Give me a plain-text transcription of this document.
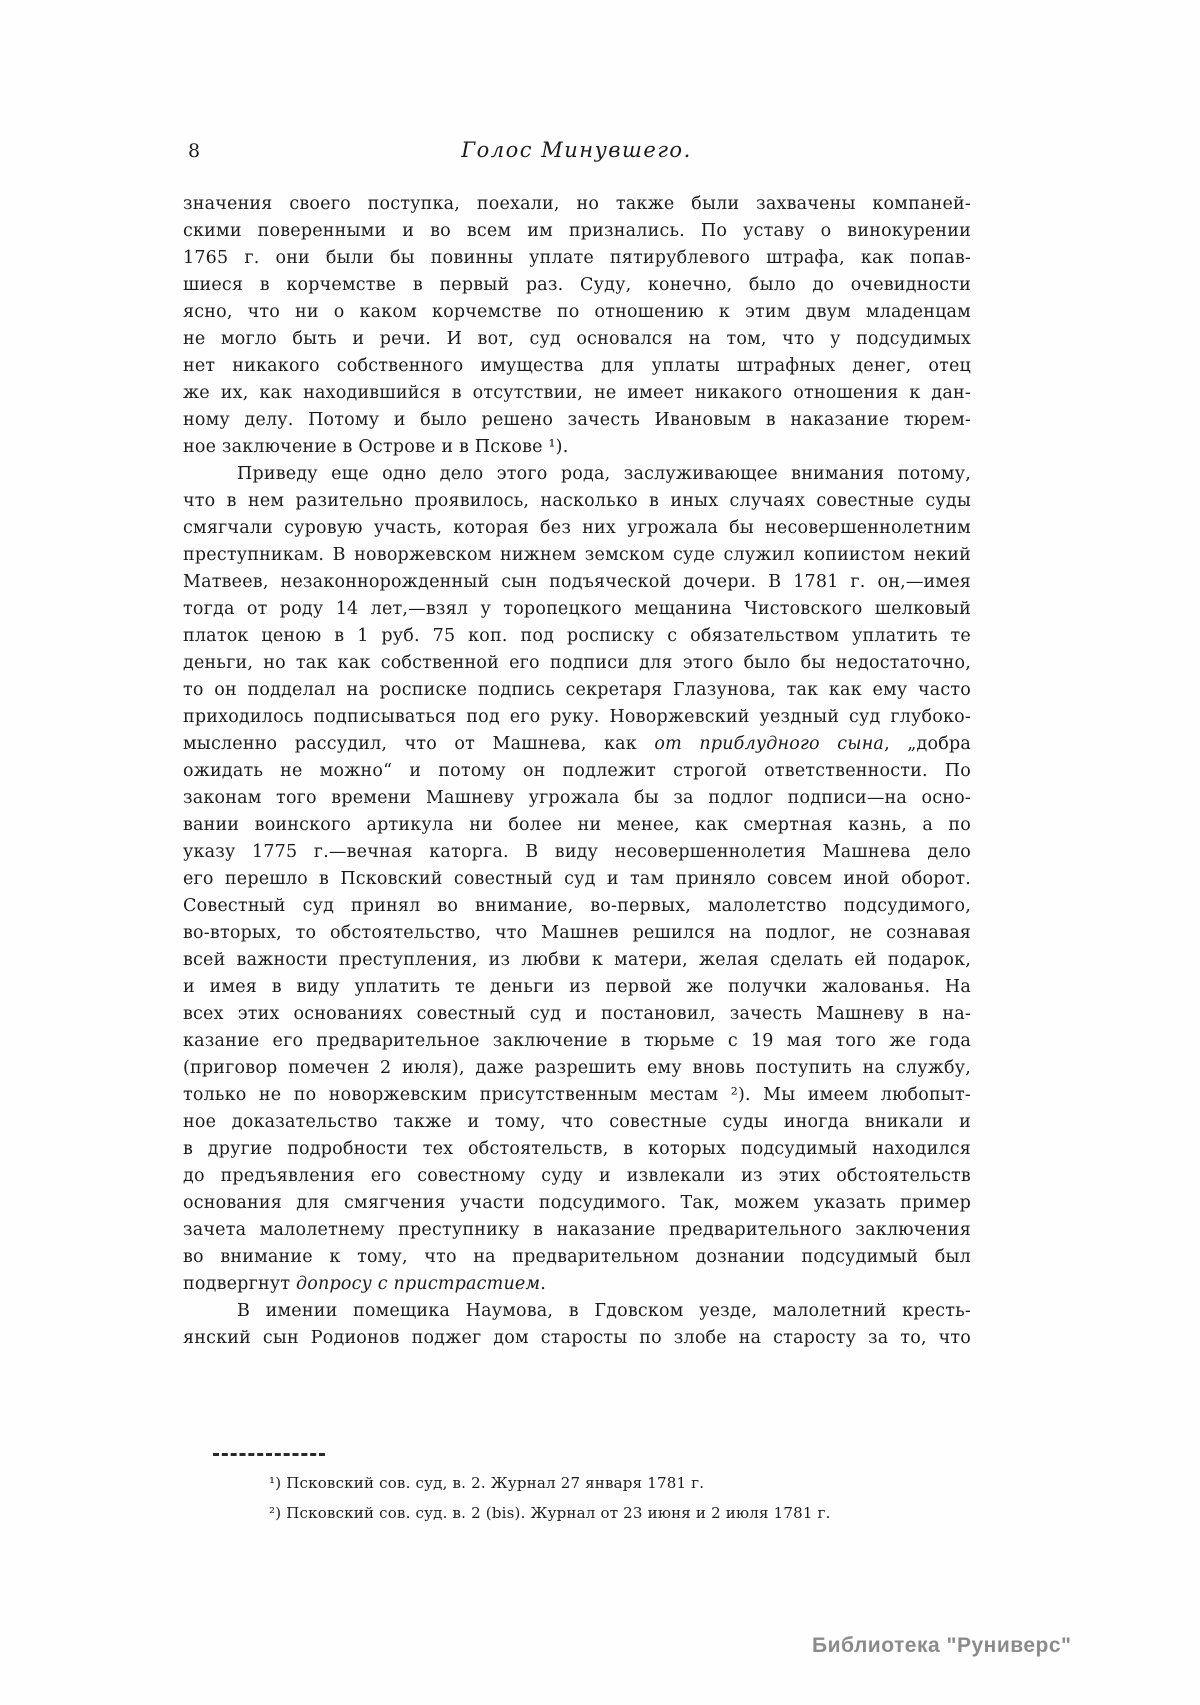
8	Голос Минувшего.
значения своего поступка, поехали, но также были захвачены компаней-
скими поверенными и во всем им признались. По уставу о винокурении
1765 г. они были бы повинны уплате пятирублевого штрафа, как попав-
шиеся в корчемстве в первый раз. Суду, конечно, было до очевидности
ясно, что ни о каком корчемстве по отношению к этим двум младенцам
не могло быть и речи. И вот, суд основался на том, что у подсудимых
нет никакого собственного имущества для уплаты штрафных денег, отец
же их, как находившийся в отсутствии, не имеет никакого отношения к дан-
ному делу. Потому и было решено зачесть Ивановым в наказание тюрем-
ное заключение в Острове и в Пскове ¹).
Приведу еще одно дело этого рода, заслуживающее внимания потому,
что в нем разительно проявилось, насколько в иных случаях совестные суды
смягчали суровую участь, которая без них угрожала бы несовершеннолетним
преступникам. В новоржевском нижнем земском суде служил копиистом некий
Матвеев, незаконнорожденный сын подъяческой дочери. В 1781 г. он,—имея
тогда от роду 14 лет,—взял у торопецкого мещанина Чистовского шелковый
платок ценою в 1 руб. 75 коп. под росписку с обязательством уплатить те
деньги, но так как собственной его подписи для этого было бы недостаточно,
то он подделал на росписке подпись секретаря Глазунова, так как ему часто
приходилось подписываться под его руку. Новоржевский уездный суд глубоко-
мысленно рассудил, что от Машнева, как от приблудного сына, „добра
ожидать не можно“ и потому он подлежит строгой ответственности. По
законам того времени Машневу угрожала бы за подлог подписи—на осно-
вании воинского артикула ни более ни менее, как смертная казнь, а по
указу 1775 г.—вечная каторга. В виду несовершеннолетия Машнева дело
его перешло в Псковский совестный суд и там приняло совсем иной оборот.
Совестный суд принял во внимание, во-первых, малолетство подсудимого,
во-вторых, то обстоятельство, что Машнев решился на подлог, не сознавая
всей важности преступления, из любви к матери, желая сделать ей подарок,
и имея в виду уплатить те деньги из первой же получки жалованья. На
всех этих основаниях совестный суд и постановил, зачесть Машневу в на-
казание его предварительное заключение в тюрьме с 19 мая того же года
(приговор помечен 2 июля), даже разрешить ему вновь поступить на службу,
только не по новоржевским присутственным местам ²). Мы имеем любопыт-
ное доказательство также и тому, что совестные суды иногда вникали и
в другие подробности тех обстоятельств, в которых подсудимый находился
до предъявления его совестному суду и извлекали из этих обстоятельств
основания для смягчения участи подсудимого. Так, можем указать пример
зачета малолетнему преступнику в наказание предварительного заключения
во внимание к тому, что на предварительном дознании подсудимый был
подвергнут допросу с пристрастием.
В имении помещика Наумова, в Гдовском уезде, малолетний кресть-
янский сын Родионов поджег дом старосты по злобе на старосту за то, что
¹) Псковский сов. суд, в. 2. Журнал 27 января 1781 г.
²) Псковский сов. суд. в. 2 (bis). Журнал от 23 июня и 2 июля 1781 г.
Библиотека "Руниверс"
